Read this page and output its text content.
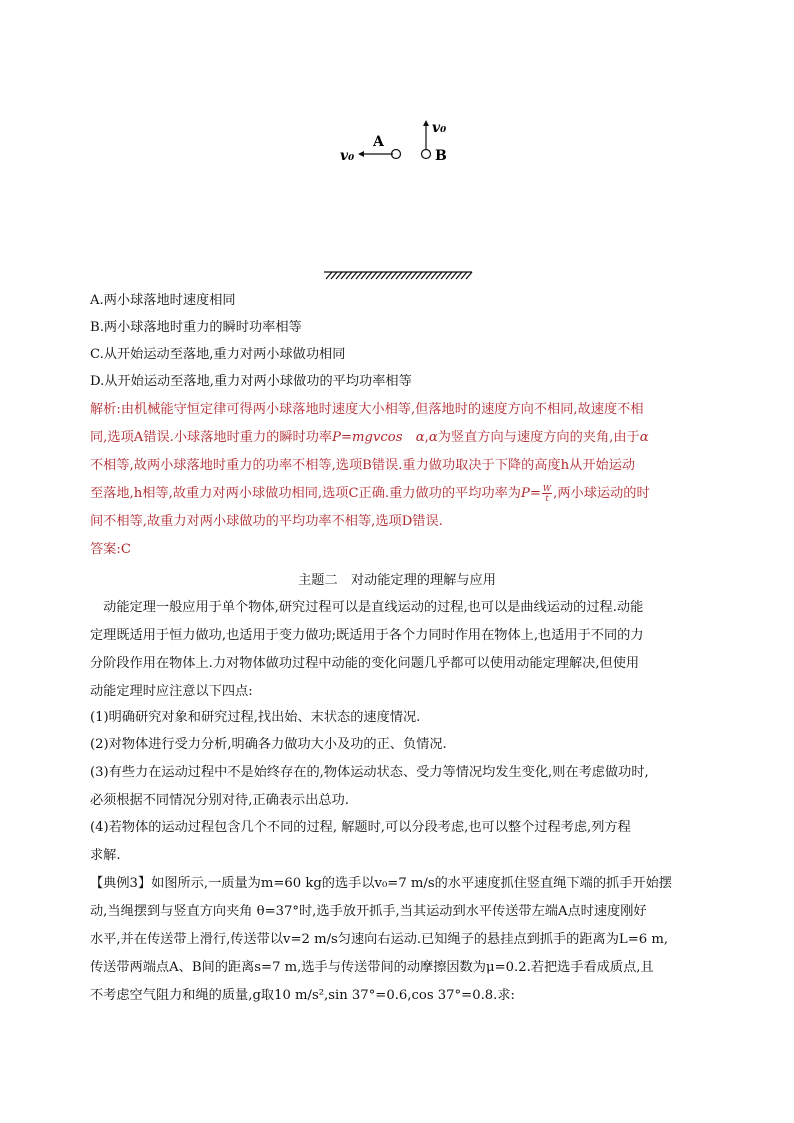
v₀
A
v₀
B
A.两小球落地时速度相同
B.两小球落地时重力的瞬时功率相等
C.从开始运动至落地,重力对两小球做功相同
D.从开始运动至落地,重力对两小球做功的平均功率相等
解析:由机械能守恒定律可得两小球落地时速度大小相等,但落地时的速度方向不相同,故速度不相
同,选项A错误.小球落地时重力的瞬时功率P=mgvcos　α,α为竖直方向与速度方向的夹角,由于α
不相等,故两小球落地时重力的功率不相等,选项B错误.重力做功取决于下降的高度h从开始运动
至落地,h相等,故重力对两小球做功相同,选项C正确.重力做功的平均功率为$P= \frac{W}{t}$ ,两小球运动的时
间不相等,故重力对两小球做功的平均功率不相等,选项D错误.
答案:C
主题二　对动能定理的理解与应用
　动能定理一般应用于单个物体,研究过程可以是直线运动的过程,也可以是曲线运动的过程.动能
定理既适用于恒力做功,也适用于变力做功;既适用于各个力同时作用在物体上,也适用于不同的力
分阶段作用在物体上.力对物体做功过程中动能的变化问题几乎都可以使用动能定理解决,但使用
动能定理时应注意以下四点:
(1)明确研究对象和研究过程,找出始、末状态的速度情况.
(2)对物体进行受力分析,明确各力做功大小及功的正、负情况.
(3)有些力在运动过程中不是始终存在的,物体运动状态、受力等情况均发生变化,则在考虑做功时,
必须根据不同情况分别对待,正确表示出总功.
(4)若物体的运动过程包含几个不同的过程, 解题时,可以分段考虑,也可以整个过程考虑,列方程
求解.
【典例3】如图所示,一质量为m=60 kg的选手以v₀=7 m/s的水平速度抓住竖直绳下端的抓手开始摆
动,当绳摆到与竖直方向夹角 θ=37°时,选手放开抓手,当其运动到水平传送带左端A点时速度刚好
水平,并在传送带上滑行,传送带以v=2 m/s匀速向右运动.已知绳子的悬挂点到抓手的距离为L=6 m,
传送带两端点A、B间的距离s=7 m,选手与传送带间的动摩擦因数为μ=0.2.若把选手看成质点,且
不考虑空气阻力和绳的质量,g取10 m/s²,sin 37°=0.6,cos 37°=0.8.求:
